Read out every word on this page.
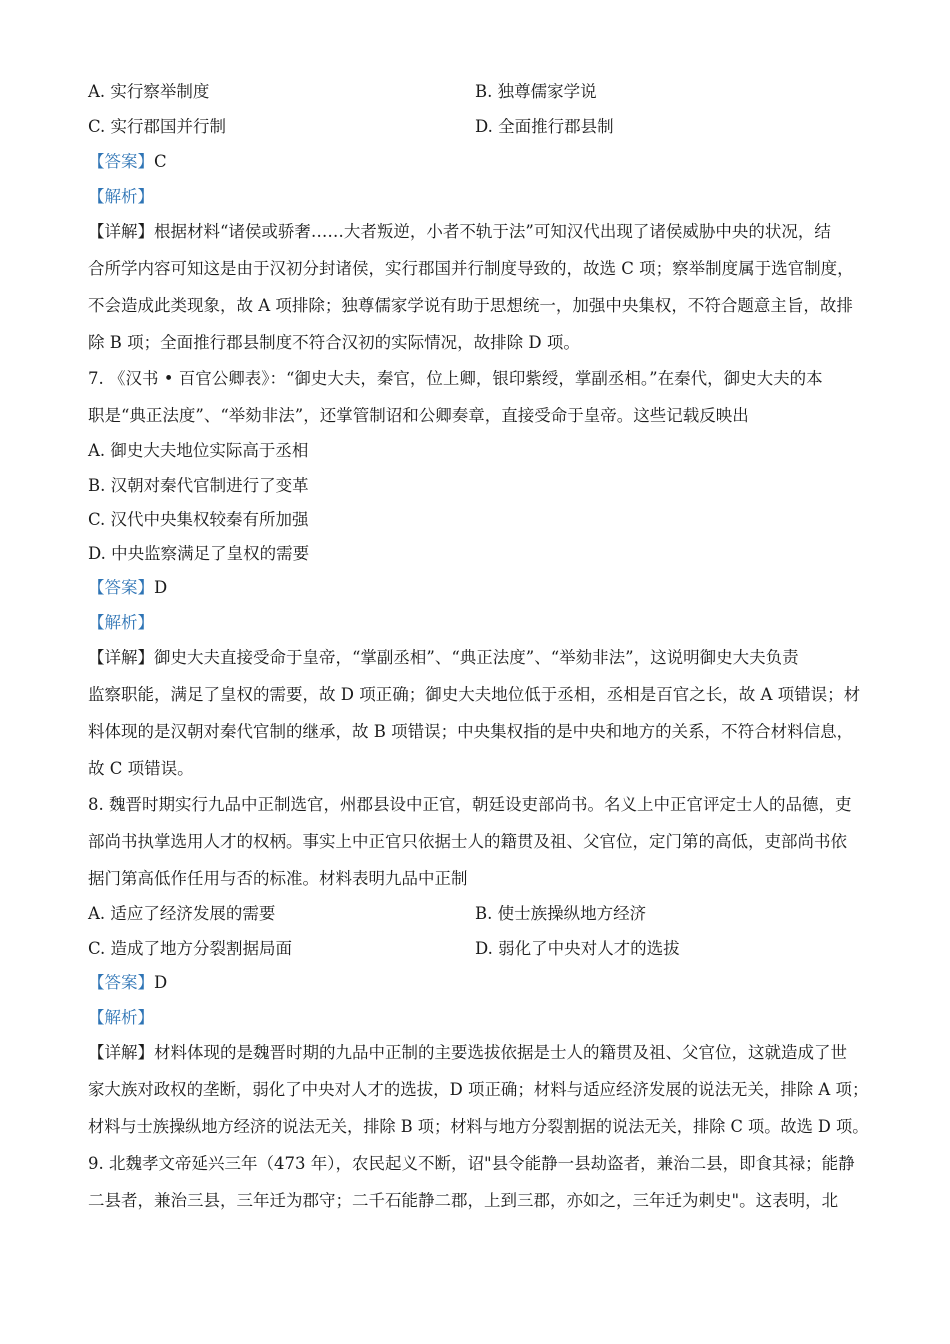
A. 实行察举制度	B. 独尊儒家学说
C. 实行郡国并行制	D. 全面推行郡县制
【答案】C
【解析】
【详解】根据材料“诸侯或骄奢……大者叛逆，小者不轨于法”可知汉代出现了诸侯威胁中央的状况，结
合所学内容可知这是由于汉初分封诸侯，实行郡国并行制度导致的，故选 C 项；察举制度属于选官制度，
不会造成此类现象，故 A 项排除；独尊儒家学说有助于思想统一，加强中央集权，不符合题意主旨，故排
除 B 项；全面推行郡县制度不符合汉初的实际情况，故排除 D 项。
7. 《汉书 • 百官公卿表》：“御史大夫，秦官，位上卿，银印紫绶，掌副丞相。”在秦代，御史大夫的本
职是“典正法度”、“举劾非法”，还掌管制诏和公卿奏章，直接受命于皇帝。这些记载反映出
A. 御史大夫地位实际高于丞相
B. 汉朝对秦代官制进行了变革
C. 汉代中央集权较秦有所加强
D. 中央监察满足了皇权的需要
【答案】D
【解析】
【详解】御史大夫直接受命于皇帝，“掌副丞相”、“典正法度”、“举劾非法”，这说明御史大夫负责
监察职能，满足了皇权的需要，故 D 项正确；御史大夫地位低于丞相，丞相是百官之长，故 A 项错误；材
料体现的是汉朝对秦代官制的继承，故 B 项错误；中央集权指的是中央和地方的关系，不符合材料信息，
故 C 项错误。
8. 魏晋时期实行九品中正制选官，州郡县设中正官，朝廷设吏部尚书。名义上中正官评定士人的品德，吏
部尚书执掌选用人才的权柄。事实上中正官只依据士人的籍贯及祖、父官位，定门第的高低，吏部尚书依
据门第高低作任用与否的标准。材料表明九品中正制
A. 适应了经济发展的需要	B. 使士族操纵地方经济
C. 造成了地方分裂割据局面	D. 弱化了中央对人才的选拔
【答案】D
【解析】
【详解】材料体现的是魏晋时期的九品中正制的主要选拔依据是士人的籍贯及祖、父官位，这就造成了世
家大族对政权的垄断，弱化了中央对人才的选拔，D 项正确；材料与适应经济发展的说法无关，排除 A 项；
材料与士族操纵地方经济的说法无关，排除 B 项；材料与地方分裂割据的说法无关，排除 C 项。故选 D 项。
9. 北魏孝文帝延兴三年（473 年），农民起义不断，诏"县令能静一县劫盗者，兼治二县，即食其禄；能静
二县者，兼治三县，三年迁为郡守；二千石能静二郡，上到三郡，亦如之，三年迁为刺史"。这表明，北
